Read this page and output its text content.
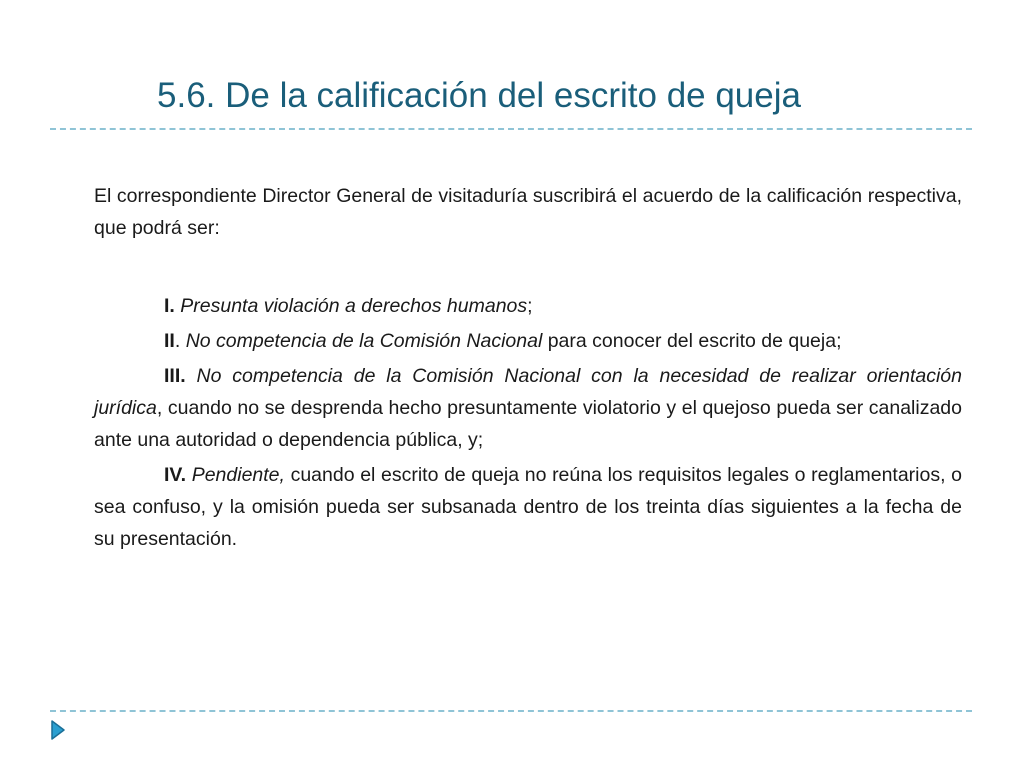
5.6. De la calificación del escrito de queja

El correspondiente Director General de visitaduría suscribirá el acuerdo de la calificación respectiva, que podrá ser:

I. Presunta violación a derechos humanos;

II. No competencia de la Comisión Nacional para conocer del escrito de queja;

III. No competencia de la Comisión Nacional con la necesidad de realizar orientación jurídica, cuando no se desprenda hecho presuntamente violatorio y el quejoso pueda ser canalizado ante una autoridad o dependencia pública, y;

IV. Pendiente, cuando el escrito de queja no reúna los requisitos legales o reglamentarios, o sea confuso, y la omisión pueda ser subsanada dentro de los treinta días siguientes a la fecha de su presentación.
